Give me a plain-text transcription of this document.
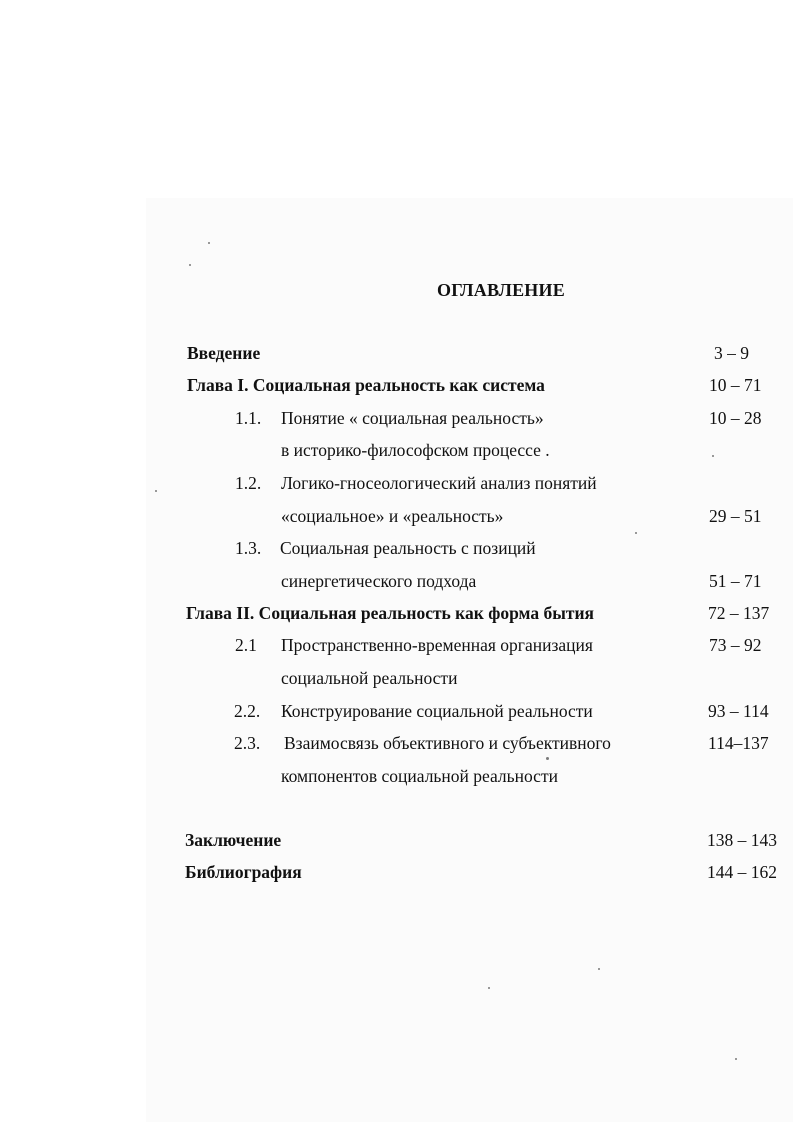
ОГЛАВЛЕНИЕ
Введение	3 – 9
Глава I. Социальная реальность как система	10 – 71
1.1. Понятие « социальная реальность»	10 – 28
в историко-философском процессе .
1.2. Логико-гносеологический анализ понятий
«социальное» и «реальность»	29 – 51
1.3. Социальная реальность с позиций
синергетического подхода	51 – 71
Глава II. Социальная реальность как форма бытия	72 – 137
2.1 Пространственно-временная организация	73 – 92
социальной реальности
2.2. Конструирование социальной реальности	93 – 114
2.3. Взаимосвязь объективного и субъективного	114–137
компонентов социальной реальности
Заключение	138 – 143
Библиография	144 – 162
